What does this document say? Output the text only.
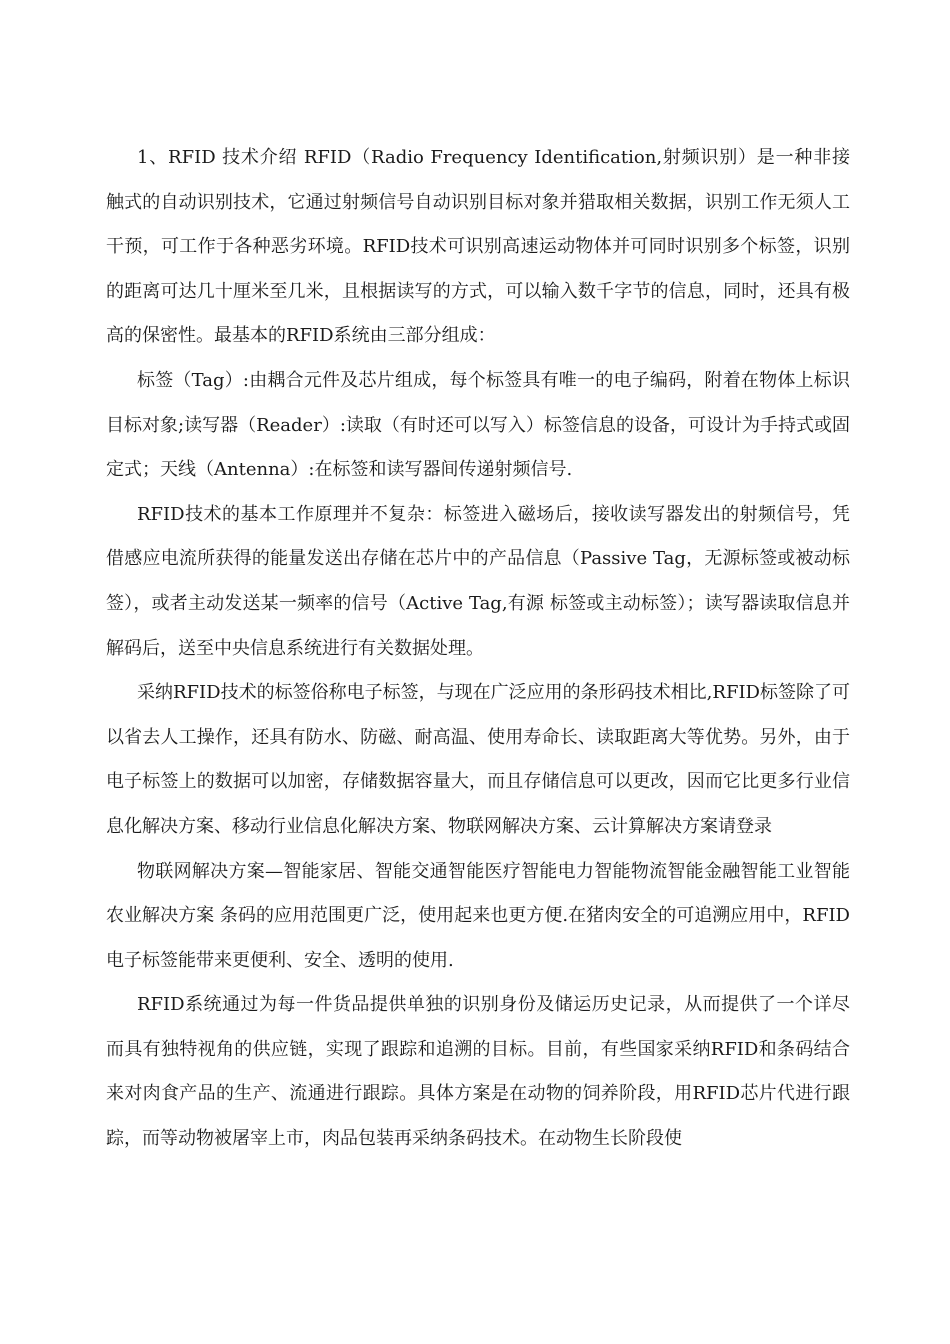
1、RFID 技术介绍 RFID（Radio Frequency Identification,射频识别）是一种非接触式的自动识别技术，它通过射频信号自动识别目标对象并猎取相关数据，识别工作无须人工干预，可工作于各种恶劣环境。RFID技术可识别高速运动物体并可同时识别多个标签，识别的距离可达几十厘米至几米，且根据读写的方式，可以输入数千字节的信息，同时，还具有极高的保密性。最基本的RFID系统由三部分组成：

标签（Tag）:由耦合元件及芯片组成，每个标签具有唯一的电子编码，附着在物体上标识目标对象;读写器（Reader）:读取（有时还可以写入）标签信息的设备，可设计为手持式或固定式；天线（Antenna）:在标签和读写器间传递射频信号.

RFID技术的基本工作原理并不复杂：标签进入磁场后，接收读写器发出的射频信号，凭借感应电流所获得的能量发送出存储在芯片中的产品信息（Passive Tag，无源标签或被动标签），或者主动发送某一频率的信号（Active Tag,有源 标签或主动标签）；读写器读取信息并解码后，送至中央信息系统进行有关数据处理。

采纳RFID技术的标签俗称电子标签，与现在广泛应用的条形码技术相比,RFID标签除了可以省去人工操作，还具有防水、防磁、耐高温、使用寿命长、读取距离大等优势。另外，由于电子标签上的数据可以加密，存储数据容量大，而且存储信息可以更改，因而它比更多行业信息化解决方案、移动行业信息化解决方案、物联网解决方案、云计算解决方案请登录

物联网解决方案—智能家居、智能交通智能医疗智能电力智能物流智能金融智能工业智能农业解决方案 条码的应用范围更广泛，使用起来也更方便.在猪肉安全的可追溯应用中，RFID电子标签能带来更便利、安全、透明的使用.

RFID系统通过为每一件货品提供单独的识别身份及储运历史记录，从而提供了一个详尽而具有独特视角的供应链，实现了跟踪和追溯的目标。目前，有些国家采纳RFID和条码结合来对肉食产品的生产、流通进行跟踪。具体方案是在动物的饲养阶段，用RFID芯片代进行跟踪，而等动物被屠宰上市，肉品包装再采纳条码技术。在动物生长阶段使
